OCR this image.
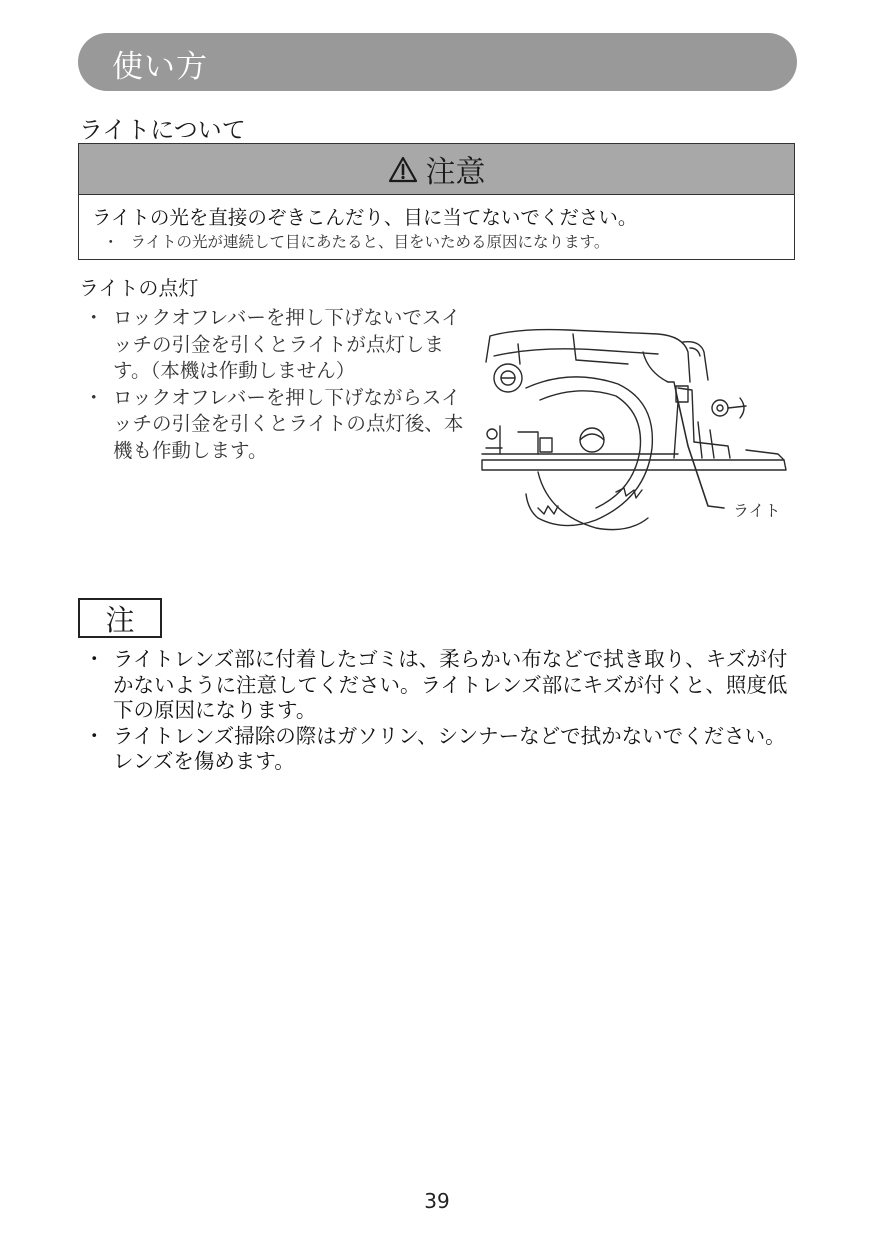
使い方
ライトについて
注意
ライトの光を直接のぞきこんだり、目に当てないでください。
・ ライトの光が連続して目にあたると、目をいためる原因になります。
ライトの点灯
・ ロックオフレバーを押し下げないでスイッチの引金を引くとライトが点灯します。（本機は作動しません）
・ ロックオフレバーを押し下げながらスイッチの引金を引くとライトの点灯後、本機も作動します。
ライト
注
・ ライトレンズ部に付着したゴミは、柔らかい布などで拭き取り、キズが付かないように注意してください。ライトレンズ部にキズが付くと、照度低下の原因になります。
・ ライトレンズ掃除の際はガソリン、シンナーなどで拭かないでください。レンズを傷めます。
39
